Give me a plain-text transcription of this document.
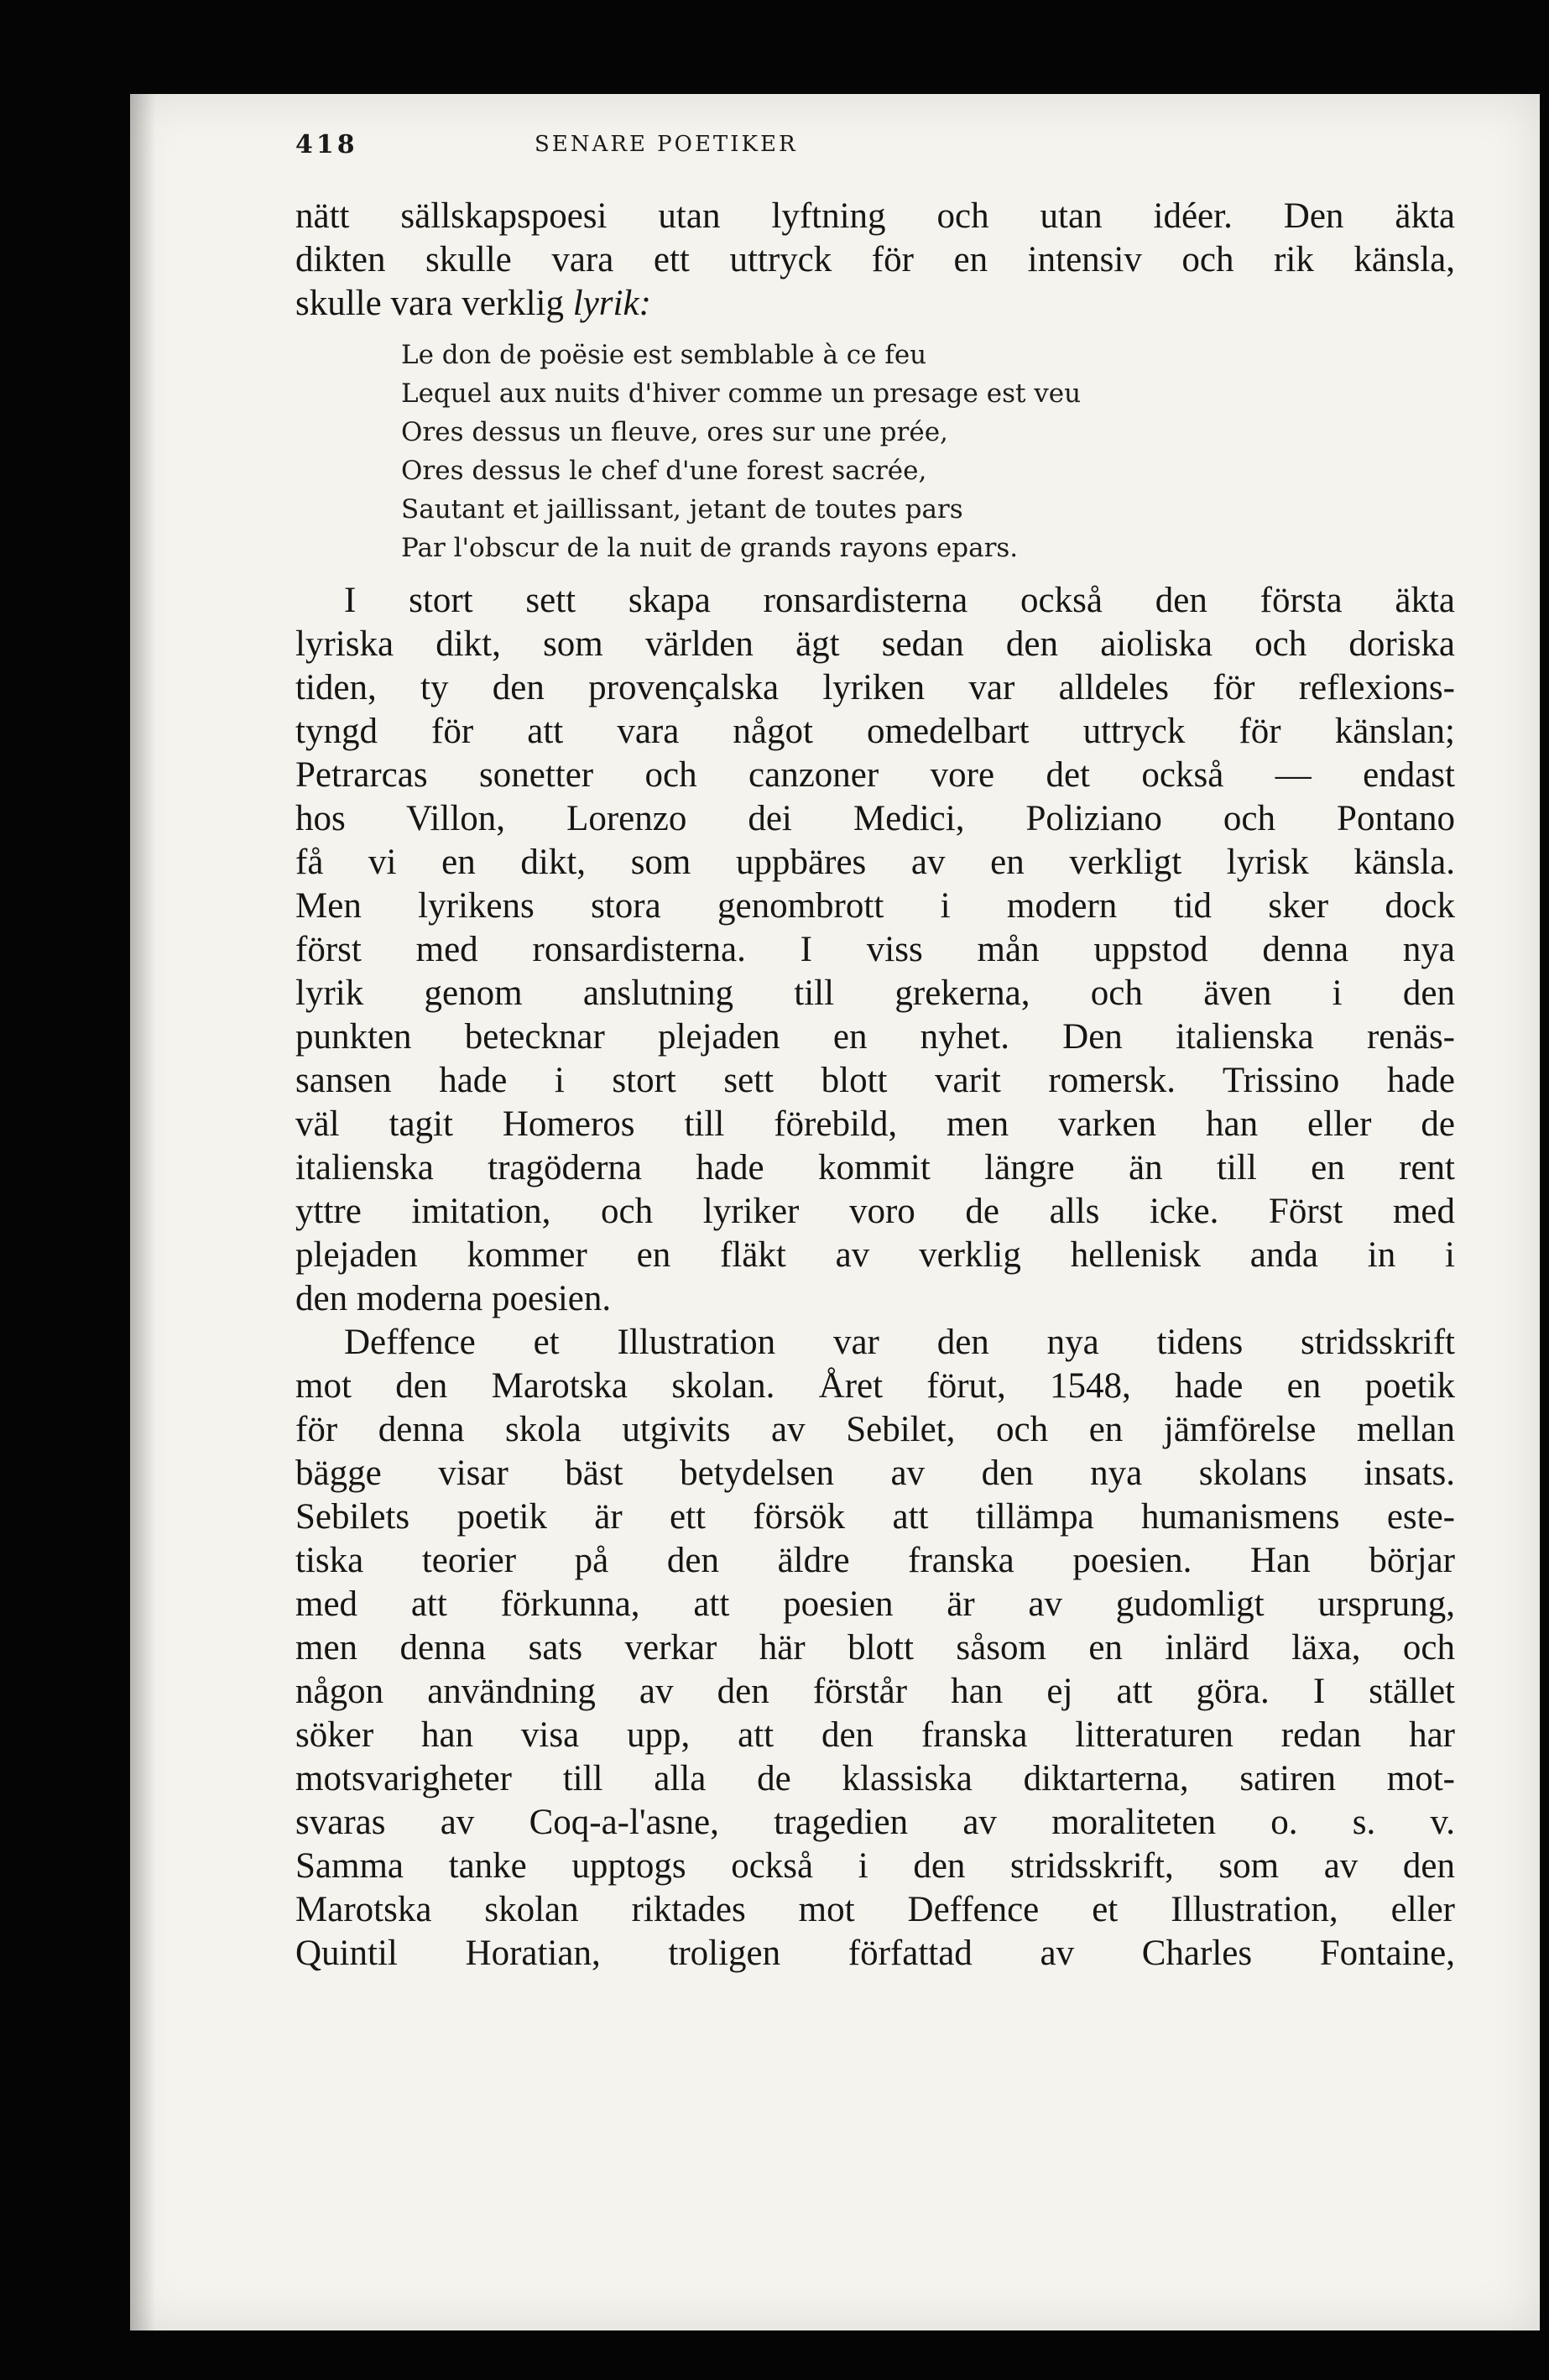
418	SENARE POETIKER
nätt sällskapspoesi utan lyftning och utan idéer. Den äkta
dikten skulle vara ett uttryck för en intensiv och rik känsla,
skulle vara verklig lyrik:
Le don de poësie est semblable à ce feu
Lequel aux nuits d'hiver comme un presage est veu
Ores dessus un fleuve, ores sur une prée,
Ores dessus le chef d'une forest sacrée,
Sautant et jaillissant, jetant de toutes pars
Par l'obscur de la nuit de grands rayons epars.
I stort sett skapa ronsardisterna också den första äkta
lyriska dikt, som världen ägt sedan den aioliska och doriska
tiden, ty den provençalska lyriken var alldeles för reflexions-
tyngd för att vara något omedelbart uttryck för känslan;
Petrarcas sonetter och canzoner vore det också — endast
hos Villon, Lorenzo dei Medici, Poliziano och Pontano
få vi en dikt, som uppbäres av en verkligt lyrisk känsla.
Men lyrikens stora genombrott i modern tid sker dock
först med ronsardisterna. I viss mån uppstod denna nya
lyrik genom anslutning till grekerna, och även i den
punkten betecknar plejaden en nyhet. Den italienska renäs-
sansen hade i stort sett blott varit romersk. Trissino hade
väl tagit Homeros till förebild, men varken han eller de
italienska tragöderna hade kommit längre än till en rent
yttre imitation, och lyriker voro de alls icke. Först med
plejaden kommer en fläkt av verklig hellenisk anda in i
den moderna poesien.
Deffence et Illustration var den nya tidens stridsskrift
mot den Marotska skolan. Året förut, 1548, hade en poetik
för denna skola utgivits av Sebilet, och en jämförelse mellan
bägge visar bäst betydelsen av den nya skolans insats.
Sebilets poetik är ett försök att tillämpa humanismens este-
tiska teorier på den äldre franska poesien. Han börjar
med att förkunna, att poesien är av gudomligt ursprung,
men denna sats verkar här blott såsom en inlärd läxa, och
någon användning av den förstår han ej att göra. I stället
söker han visa upp, att den franska litteraturen redan har
motsvarigheter till alla de klassiska diktarterna, satiren mot-
svaras av Coq-a-l'asne, tragedien av moraliteten o. s. v.
Samma tanke upptogs också i den stridsskrift, som av den
Marotska skolan riktades mot Deffence et Illustration, eller
Quintil Horatian, troligen författad av Charles Fontaine,
